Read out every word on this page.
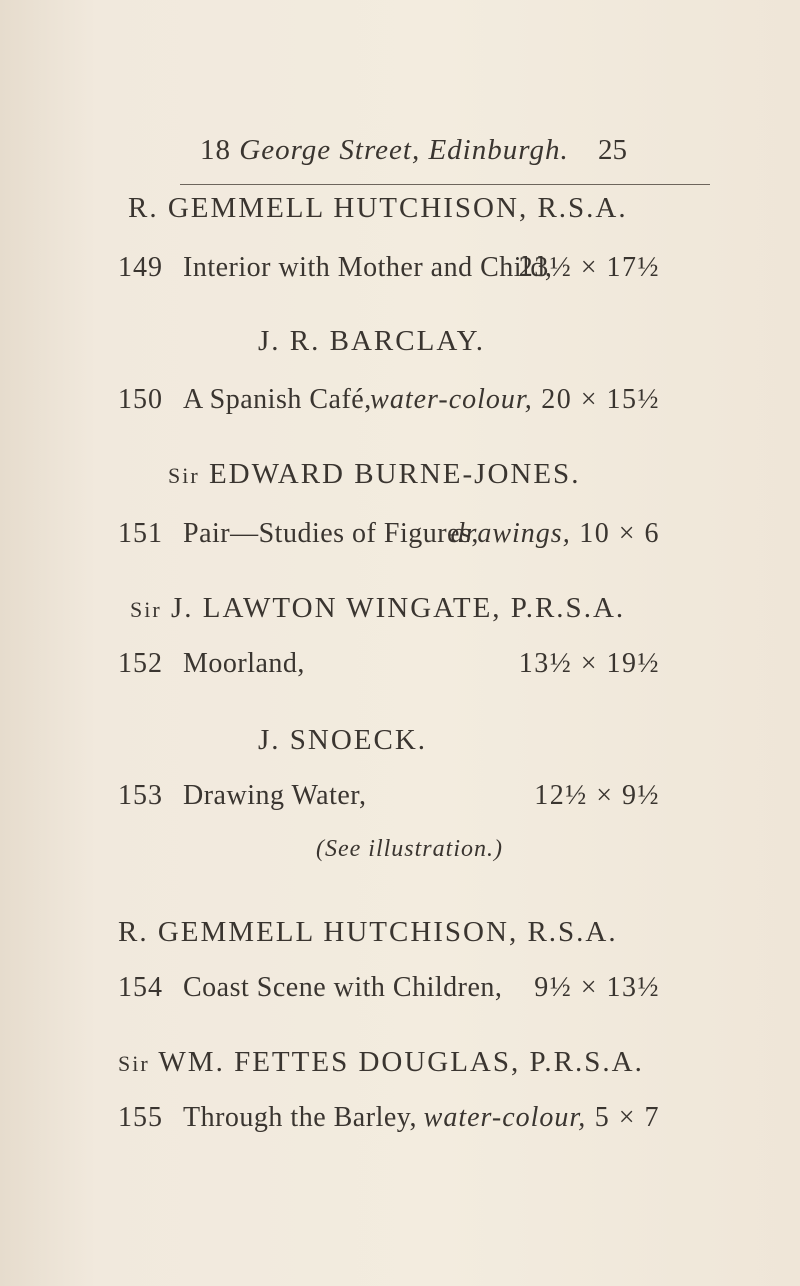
18 George Street, Edinburgh. 25
R. GEMMELL HUTCHISON, R.S.A.
149 Interior with Mother and Child,
23½ × 17½
J. R. BARCLAY.
150 A Spanish Café,
water-colour, 20 × 15½
Sir EDWARD BURNE-JONES.
151 Pair—Studies of Figures,
drawings, 10 × 6
Sir J. LAWTON WINGATE, P.R.S.A.
152 Moorland,	13½ × 19½
J. SNOECK.
153 Drawing Water,	12½ × 9½
(See illustration.)
R. GEMMELL HUTCHISON, R.S.A.
154 Coast Scene with Children, 9½ × 13½
Sir WM. FETTES DOUGLAS, P.R.S.A.
155 Through the Barley, water-colour, 5 × 7
